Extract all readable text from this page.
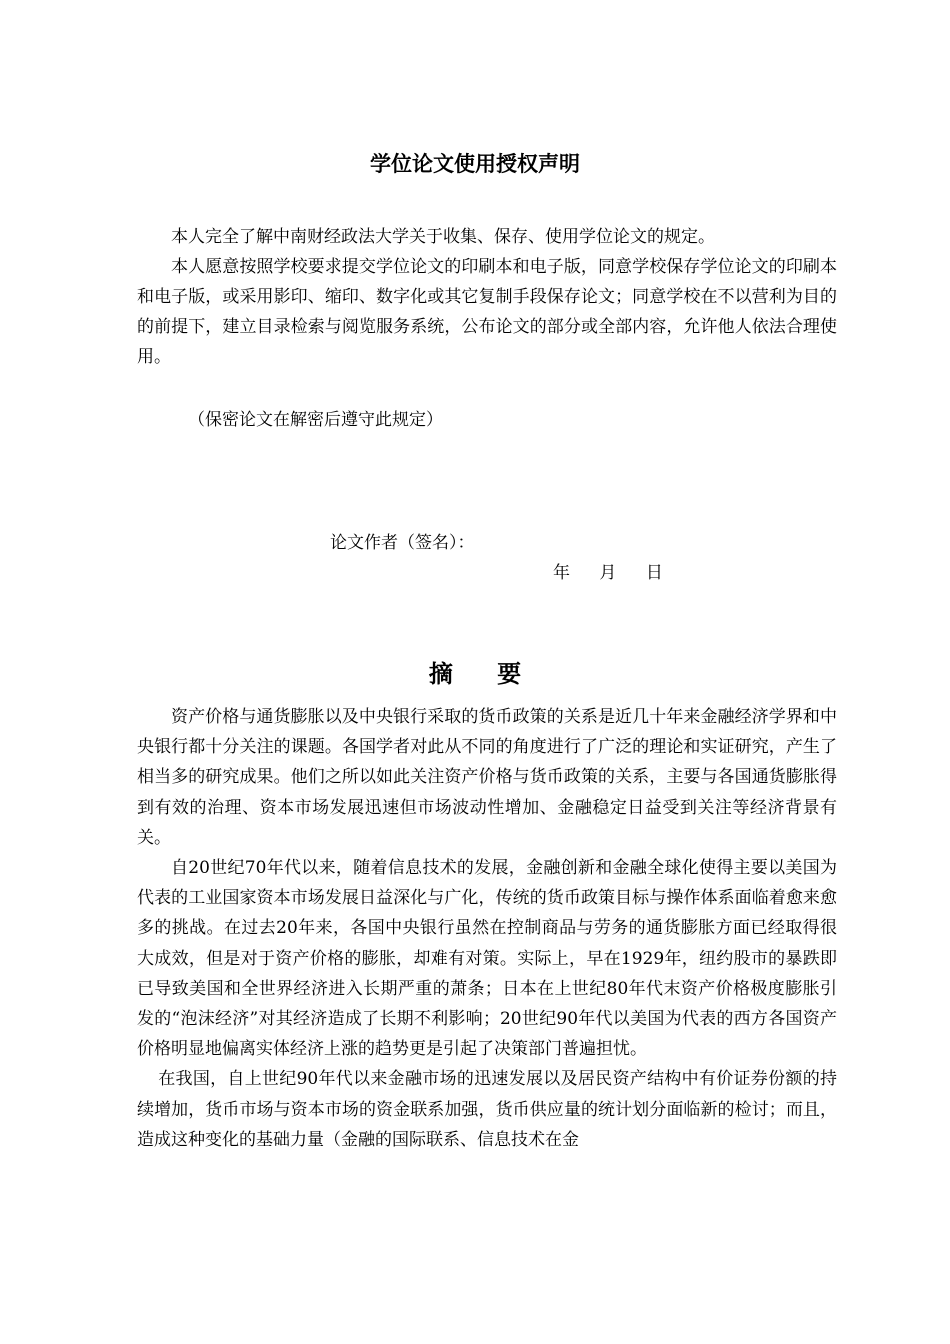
学位论文使用授权声明

本人完全了解中南财经政法大学关于收集、保存、使用学位论文的规定。

本人愿意按照学校要求提交学位论文的印刷本和电子版，同意学校保存学位论文的印刷本和电子版，或采用影印、缩印、数字化或其它复制手段保存论文；同意学校在不以营利为目的的前提下，建立目录检索与阅览服务系统，公布论文的部分或全部内容，允许他人依法合理使用。

（保密论文在解密后遵守此规定）
论文作者（签名）：
年 月 日
摘 要

资产价格与通货膨胀以及中央银行采取的货币政策的关系是近几十年来金融经济学界和中央银行都十分关注的课题。各国学者对此从不同的角度进行了广泛的理论和实证研究，产生了相当多的研究成果。他们之所以如此关注资产价格与货币政策的关系，主要与各国通货膨胀得到有效的治理、资本市场发展迅速但市场波动性增加、金融稳定日益受到关注等经济背景有关。

自20世纪70年代以来，随着信息技术的发展，金融创新和金融全球化使得主要以美国为代表的工业国家资本市场发展日益深化与广化，传统的货币政策目标与操作体系面临着愈来愈多的挑战。在过去20年来，各国中央银行虽然在控制商品与劳务的通货膨胀方面已经取得很大成效，但是对于资产价格的膨胀，却难有对策。实际上，早在1929年，纽约股市的暴跌即已导致美国和全世界经济进入长期严重的萧条；日本在上世纪80年代末资产价格极度膨胀引发的“泡沫经济”对其经济造成了长期不利影响；20世纪90年代以美国为代表的西方各国资产价格明显地偏离实体经济上涨的趋势更是引起了决策部门普遍担忧。

在我国，自上世纪90年代以来金融市场的迅速发展以及居民资产结构中有价证券份额的持续增加，货币市场与资本市场的资金联系加强，货币供应量的统计划分面临新的检讨；而且，造成这种变化的基础力量（金融的国际联系、信息技术在金
